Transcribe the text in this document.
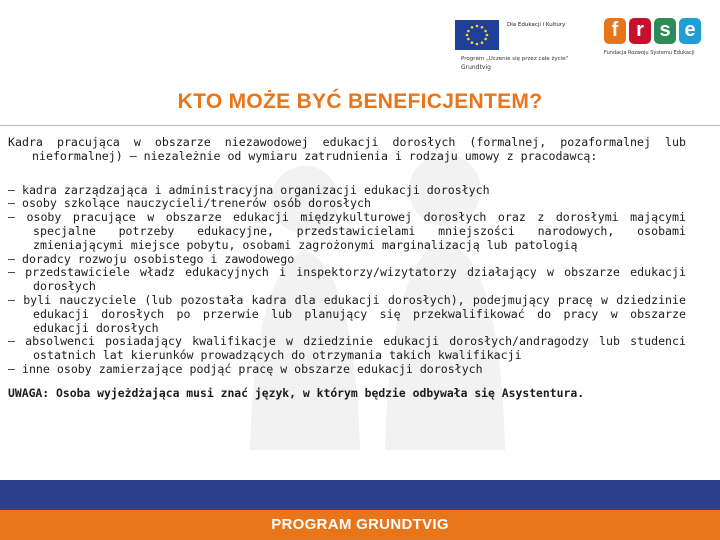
Dla Edukacji i Kultury
Program „Uczenie się przez całe życie"
Grundtvig
f r s e
Fundacja Rozwoju Systemu Edukacji
KTO MOŻE BYĆ BENEFICJENTEM?

Kadra pracująca w obszarze niezawodowej edukacji dorosłych (formalnej, pozaformalnej lub nieformalnej) – niezależnie od wymiaru zatrudnienia i rodzaju umowy z pracodawcą:

– kadra zarządzająca i administracyjna organizacji edukacji dorosłych
– osoby szkolące nauczycieli/trenerów osób dorosłych
– osoby pracujące w obszarze edukacji międzykulturowej dorosłych oraz z dorosłymi mającymi specjalne potrzeby edukacyjne, przedstawicielami mniejszości narodowych, osobami zmieniającymi miejsce pobytu, osobami zagrożonymi marginalizacją lub patologią
– doradcy rozwoju osobistego i zawodowego
– przedstawiciele władz edukacyjnych i inspektorzy/wizytatorzy działający w obszarze edukacji dorosłych
– byli nauczyciele (lub pozostała kadra dla edukacji dorosłych), podejmujący pracę w dziedzinie edukacji dorosłych po przerwie lub planujący się przekwalifikować do pracy w obszarze edukacji dorosłych
– absolwenci posiadający kwalifikacje w dziedzinie edukacji dorosłych/andragodzy lub studenci ostatnich lat kierunków prowadzących do otrzymania takich kwalifikacji
– inne osoby zamierzające podjąć pracę w obszarze edukacji dorosłych

UWAGA: Osoba wyjeżdżająca musi znać język, w którym będzie odbywała się Asystentura.

PROGRAM GRUNDTVIG
